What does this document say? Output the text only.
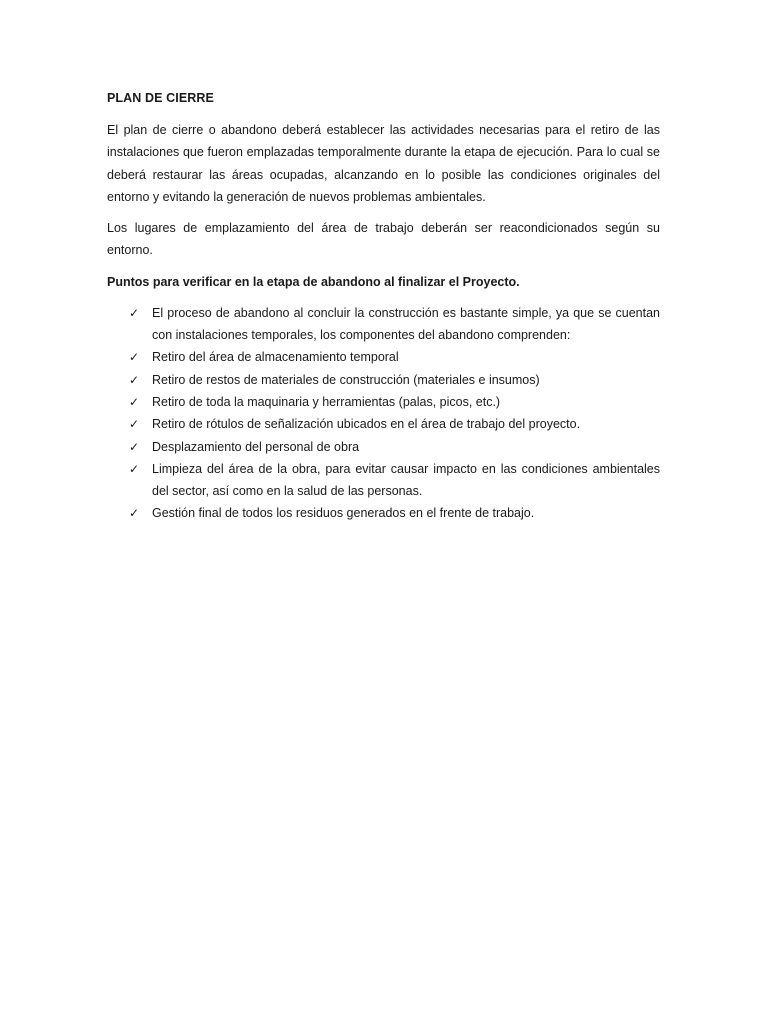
PLAN DE CIERRE

El plan de cierre o abandono deberá establecer las actividades necesarias para el retiro de las instalaciones que fueron emplazadas temporalmente durante la etapa de ejecución. Para lo cual se deberá restaurar las áreas ocupadas, alcanzando en lo posible las condiciones originales del entorno y evitando la generación de nuevos problemas ambientales.

Los lugares de emplazamiento del área de trabajo deberán ser reacondicionados según su entorno.

Puntos para verificar en la etapa de abandono al finalizar el Proyecto.
✓ El proceso de abandono al concluir la construcción es bastante simple, ya que se cuentan con instalaciones temporales, los componentes del abandono comprenden:
✓ Retiro del área de almacenamiento temporal
✓ Retiro de restos de materiales de construcción (materiales e insumos)
✓ Retiro de toda la maquinaria y herramientas (palas, picos, etc.)
✓ Retiro de rótulos de señalización ubicados en el área de trabajo del proyecto.
✓ Desplazamiento del personal de obra
✓ Limpieza del área de la obra, para evitar causar impacto en las condiciones ambientales del sector, así como en la salud de las personas.
✓ Gestión final de todos los residuos generados en el frente de trabajo.
